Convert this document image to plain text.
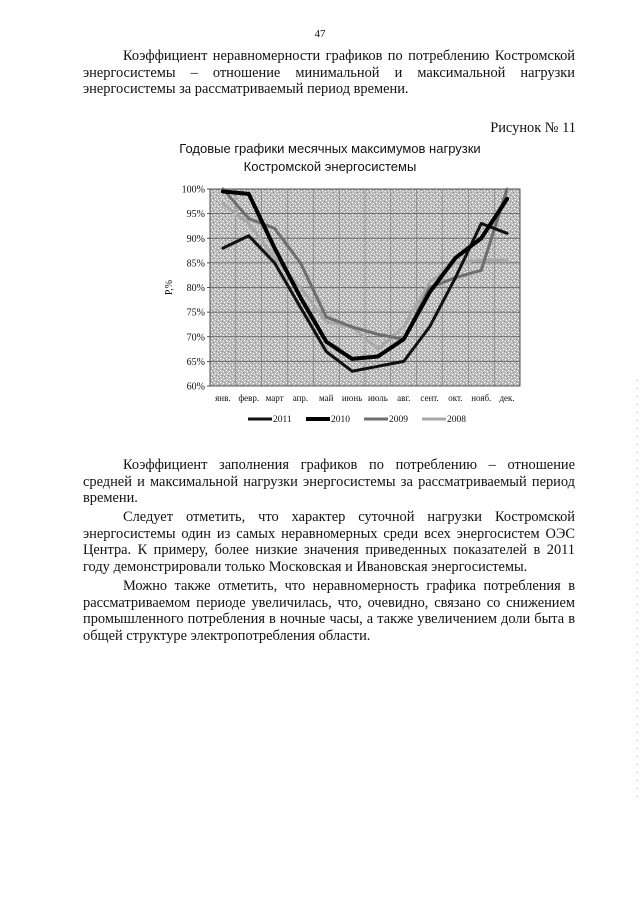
47

Коэффициент неравномерности графиков по потреблению Костромской энергосистемы – отношение минимальной и максимальной нагрузки энергосистемы за рассматриваемый период времени.

Рисунок № 11
Годовые графики месячных максимумов нагрузки
Костромской энергосистемы
60%
65%
70%
75%
80%
85%
90%
95%
100%
янв. февр. март апр. май июнь июль авг. сент. окт. нояб. дек.
P,%
2011	2010	2009	2008

Коэффициент заполнения графиков по потреблению – отношение средней и максимальной нагрузки энергосистемы за рассматриваемый период времени.

Следует отметить, что характер суточной нагрузки Костромской энергосистемы один из самых неравномерных среди всех энергосистем ОЭС Центра. К примеру, более низкие значения приведенных показателей в 2011 году демонстрировали только Московская и Ивановская энергосистемы.

Можно также отметить, что неравномерность графика потребления в рассматриваемом периоде увеличилась, что, очевидно, связано со снижением промышленного потребления в ночные часы, а также увеличением доли быта в общей структуре электропотребления области.
